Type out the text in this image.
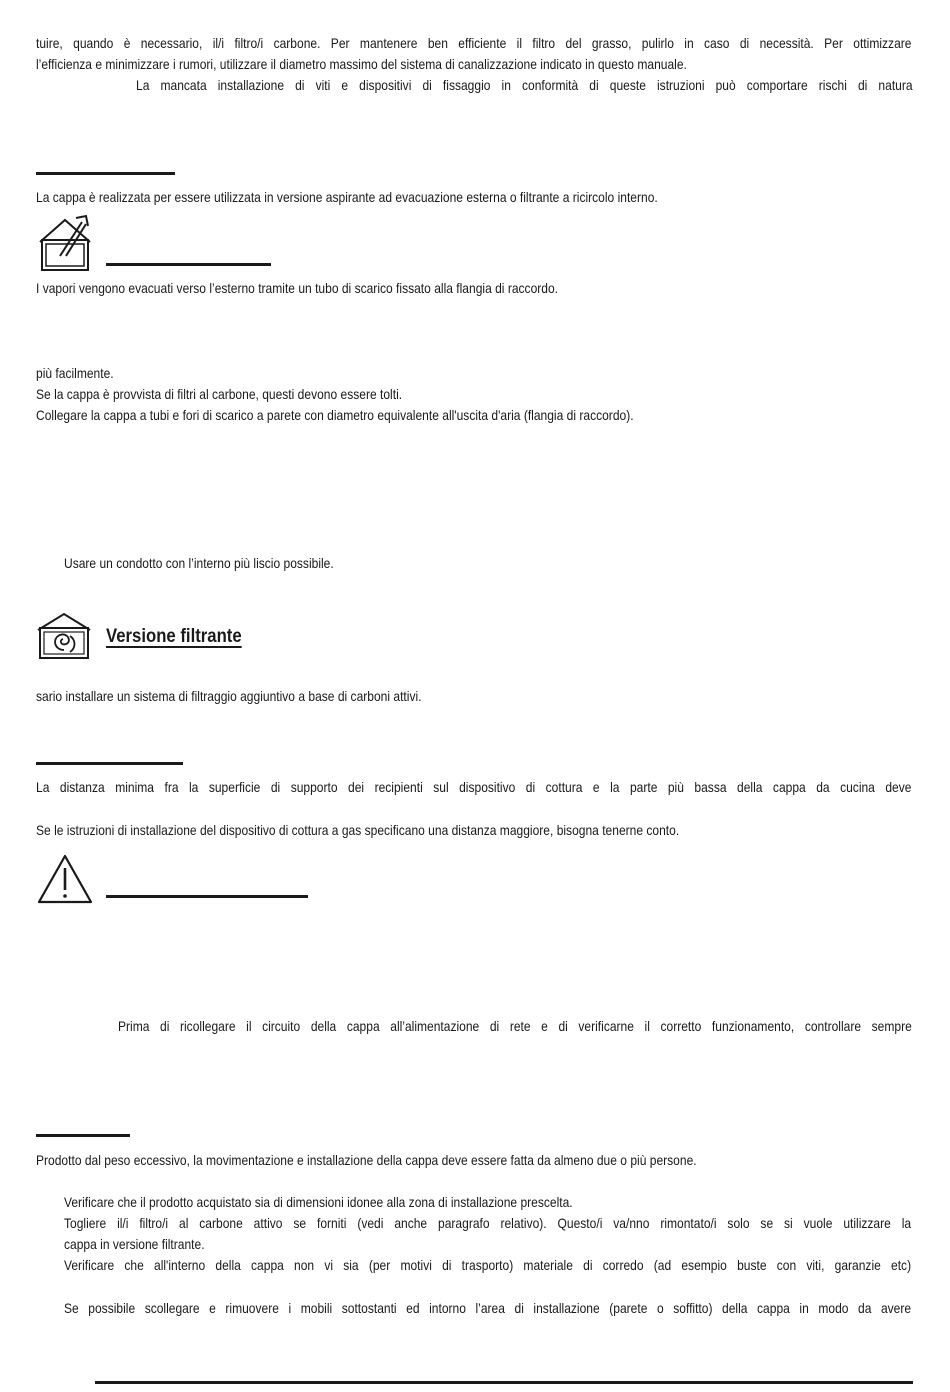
tuire, quando è necessario, il/i filtro/i carbone. Per mantenere ben efficiente il filtro del grasso, pulirlo in caso di necessità. Per ottimizzare
l’efficienza e minimizzare i rumori, utilizzare il diametro massimo del sistema di canalizzazione indicato in questo manuale.
La mancata installazione di viti e dispositivi di fissaggio in conformità di queste istruzioni può comportare rischi di natura
La cappa è realizzata per essere utilizzata in versione aspirante ad evacuazione esterna o filtrante a ricircolo interno.
I vapori vengono evacuati verso l’esterno tramite un tubo di scarico fissato alla flangia di raccordo.
più facilmente.
Se la cappa è provvista di filtri al carbone, questi devono essere tolti.
Collegare la cappa a tubi e fori di scarico a parete con diametro equivalente all'uscita d'aria (flangia di raccordo).
Usare un condotto con l’interno più liscio possibile.
Versione filtrante
sario installare un sistema di filtraggio aggiuntivo a base di carboni attivi.
La distanza minima fra la superficie di supporto dei recipienti sul dispositivo di cottura e la parte più bassa della cappa da cucina deve
Se le istruzioni di installazione del dispositivo di cottura a gas specificano una distanza maggiore, bisogna tenerne conto.
Prima di ricollegare il circuito della cappa all’alimentazione di rete e di verificarne il corretto funzionamento, controllare sempre
Prodotto dal peso eccessivo, la movimentazione e installazione della cappa deve essere fatta da almeno due o più persone.
Verificare che il prodotto acquistato sia di dimensioni idonee alla zona di installazione prescelta.
Togliere il/i filtro/i al carbone attivo se forniti (vedi anche paragrafo relativo). Questo/i va/nno rimontato/i solo se si vuole utilizzare la
cappa in versione filtrante.
Verificare che all'interno della cappa non vi sia (per motivi di trasporto) materiale di corredo (ad esempio buste con viti, garanzie etc)
Se possibile scollegare e rimuovere i mobili sottostanti ed intorno l’area di installazione (parete o soffitto) della cappa in modo da avere
